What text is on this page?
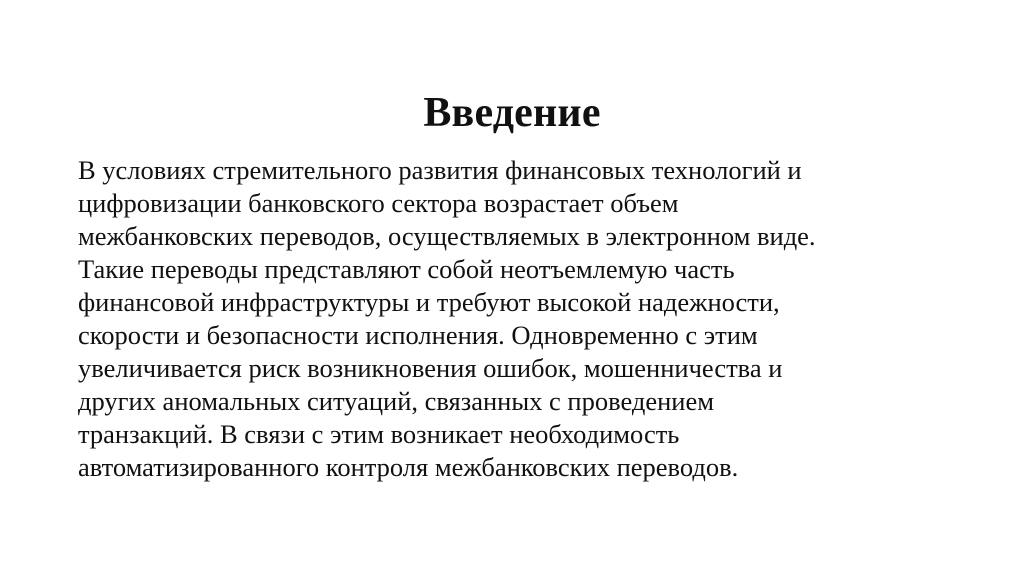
Введение
В условиях стремительного развития финансовых технологий и
цифровизации банковского сектора возрастает объем
межбанковских переводов, осуществляемых в электронном виде.
Такие переводы представляют собой неотъемлемую часть
финансовой инфраструктуры и требуют высокой надежности,
скорости и безопасности исполнения. Одновременно с этим
увеличивается риск возникновения ошибок, мошенничества и
других аномальных ситуаций, связанных с проведением
транзакций. В связи с этим возникает необходимость
автоматизированного контроля межбанковских переводов.
